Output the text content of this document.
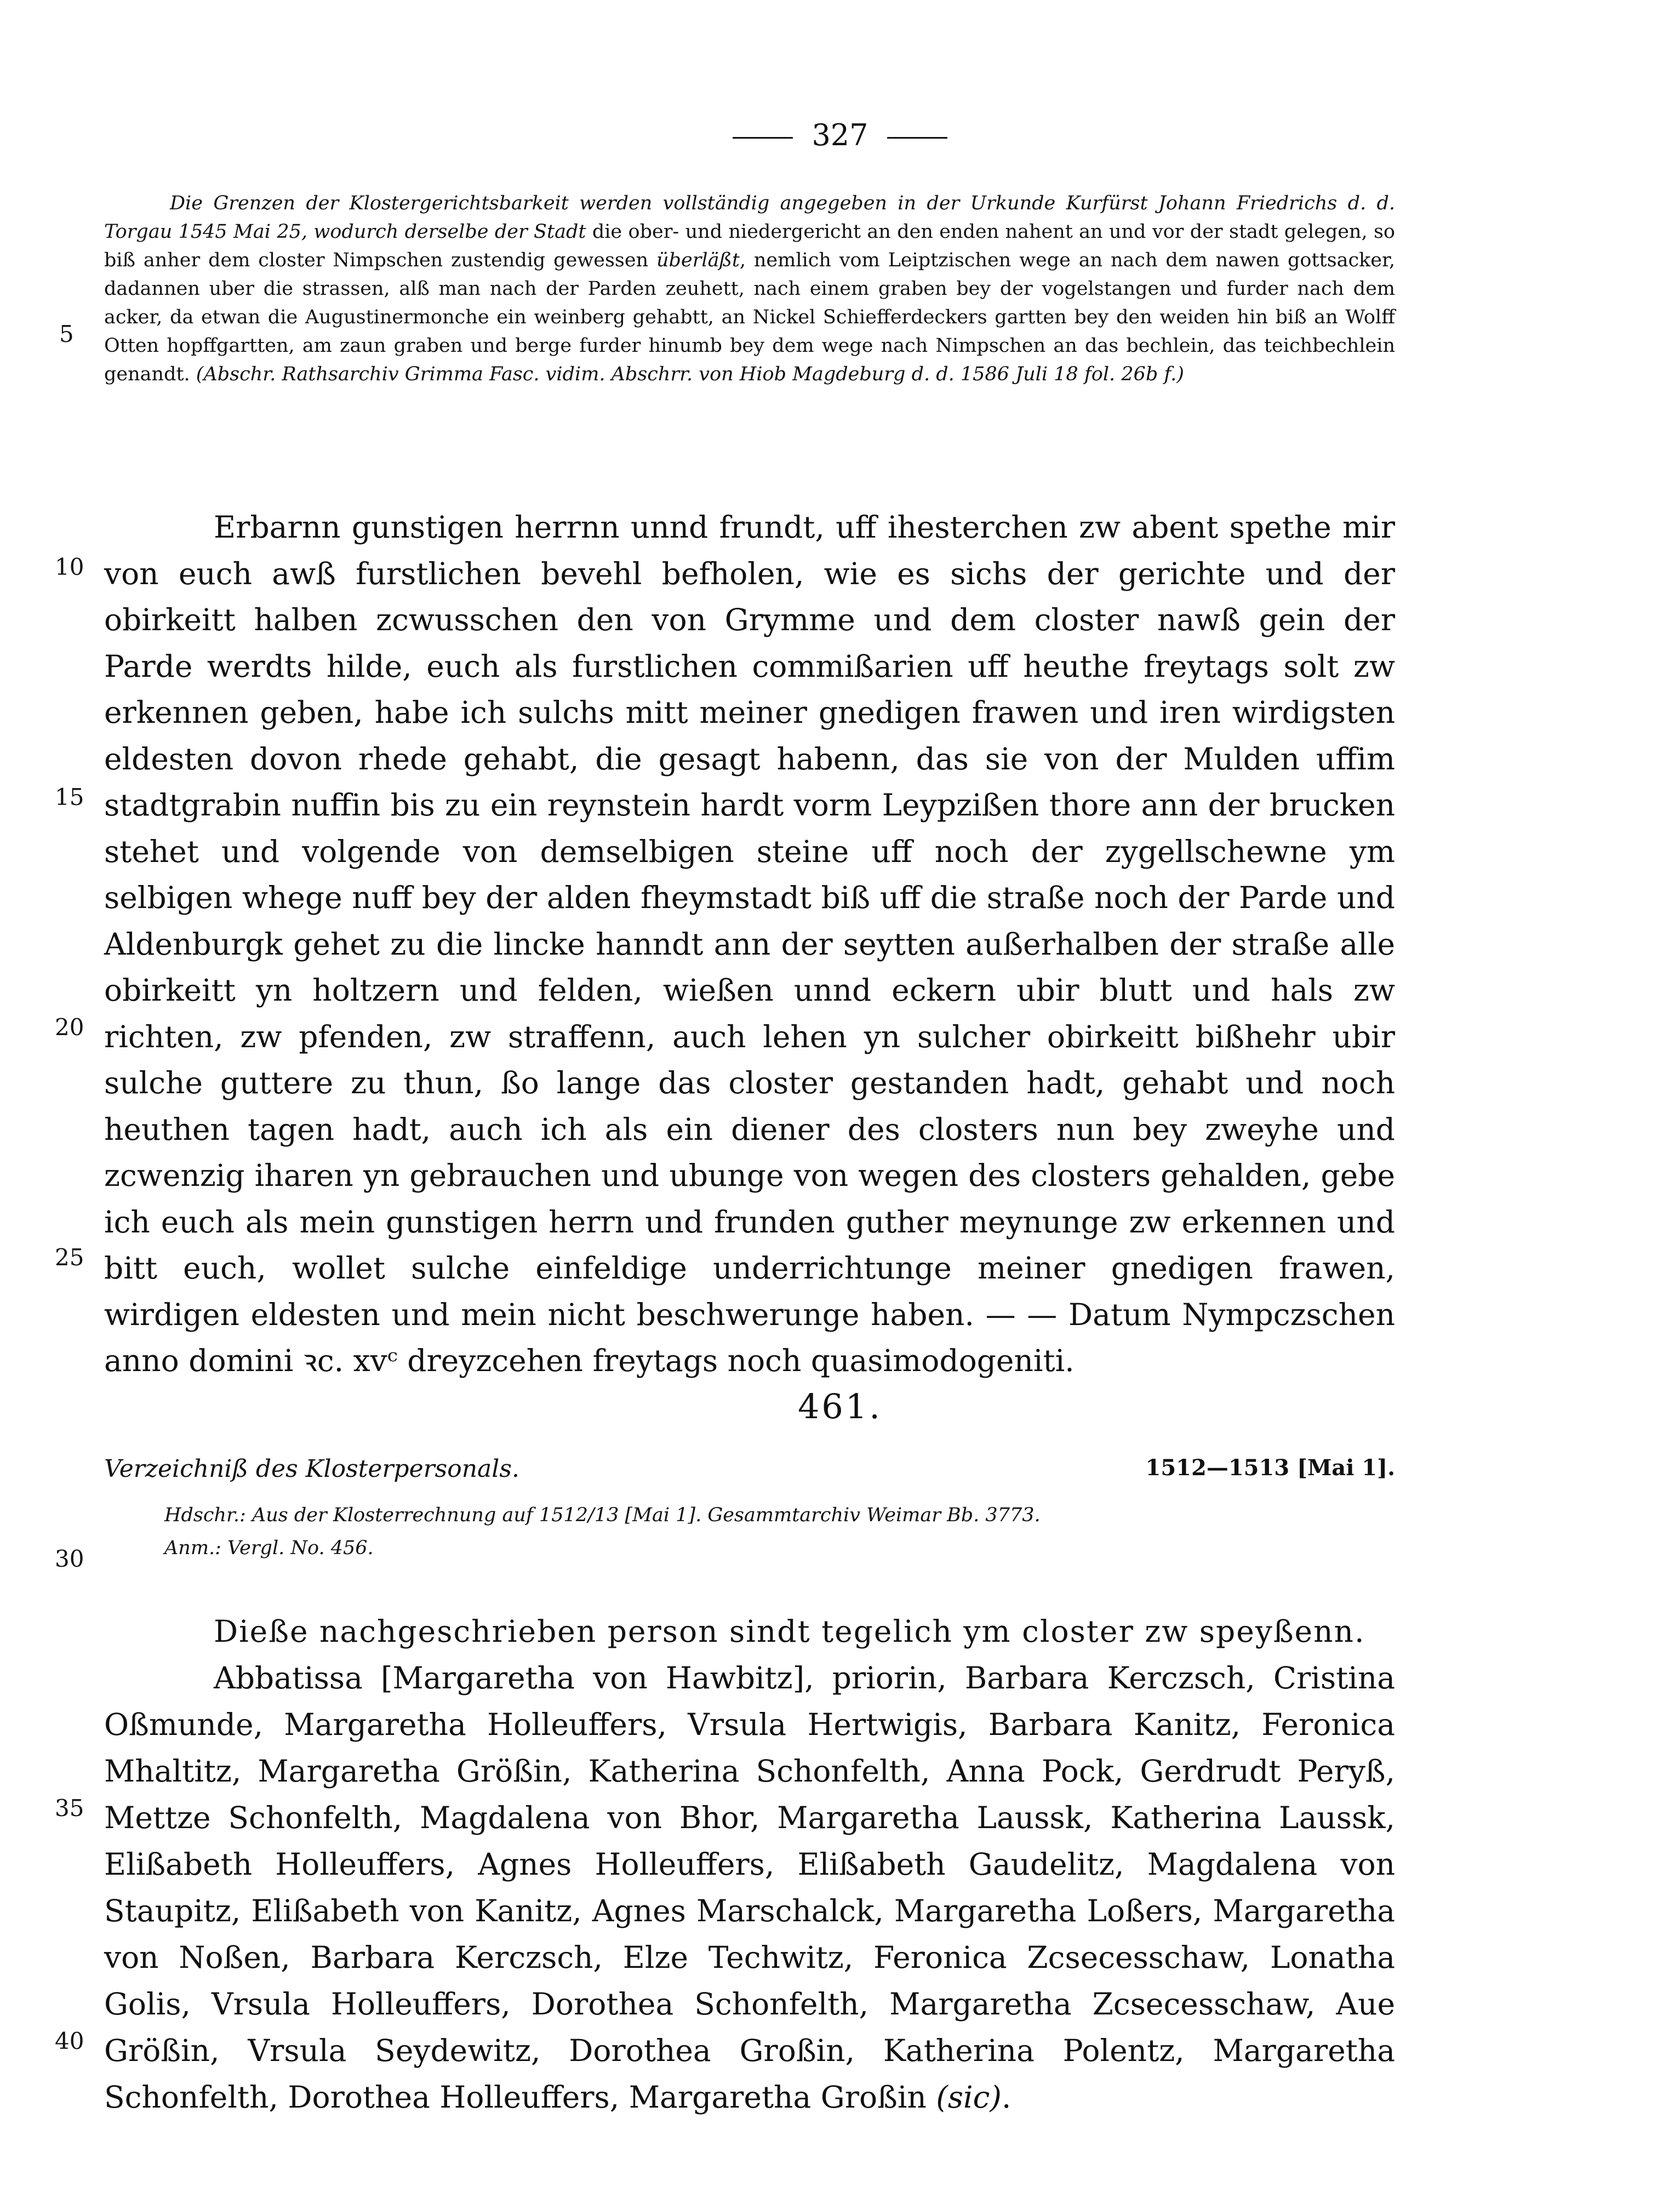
327
5
10
15
20
25
30
35
40

Die Grenzen der Klostergerichtsbarkeit werden vollständig angegeben in der Urkunde Kurfürst Johann Friedrichs d. d. Torgau 1545 Mai 25, wodurch derselbe der Stadt die ober- und niedergericht an den enden nahent an und vor der stadt gelegen, so biß anher dem closter Nimpschen zustendig gewessen überläßt, nemlich vom Leiptzischen wege an nach dem nawen gottsacker, dadannen uber die strassen, alß man nach der Parden zeuhett, nach einem graben bey der vogelstangen und furder nach dem acker, da etwan die Augustinermonche ein weinberg gehabtt, an Nickel Schiefferdeckers gartten bey den weiden hin biß an Wolff Otten hopffgartten, am zaun graben und berge furder hinumb bey dem wege nach Nimpschen an das bechlein, das teichbechlein genandt. (Abschr. Rathsarchiv Grimma Fasc. vidim. Abschrr. von Hiob Magdeburg d. d. 1586 Juli 18 fol. 26b f.)

Erbarnn gunstigen herrnn unnd frundt, uff ihesterchen zw abent spethe mir von euch awß furstlichen bevehl befholen, wie es sichs der gerichte und der obirkeitt halben zcwusschen den von Grymme und dem closter nawß gein der Parde werdts hilde, euch als furstlichen commißarien uff heuthe freytags solt zw erkennen geben, habe ich sulchs mitt meiner gnedigen frawen und iren wirdigsten eldesten dovon rhede gehabt, die gesagt habenn, das sie von der Mulden uffim stadtgrabin nuffin bis zu ein reynstein hardt vorm Leypzißen thore ann der brucken stehet und volgende von demselbigen steine uff noch der zygellschewne ym selbigen whege nuff bey der alden fheymstadt biß uff die straße noch der Parde und Aldenburgk gehet zu die lincke hanndt ann der seytten außerhalben der straße alle obirkeitt yn holtzern und felden, wießen unnd eckern ubir blutt und hals zw richten, zw pfenden, zw straffenn, auch lehen yn sulcher obirkeitt bißhehr ubir sulche guttere zu thun, ßo lange das closter gestanden hadt, gehabt und noch heuthen tagen hadt, auch ich als ein diener des closters nun bey zweyhe und zcwenzig iharen yn gebrauchen und ubunge von wegen des closters gehalden, gebe ich euch als mein gunstigen herrn und frunden guther meynunge zw erkennen und bitt euch, wollet sulche einfeldige underrichtunge meiner gnedigen frawen, wirdigen eldesten und mein nicht beschwerunge haben. — — Datum Nympczschen anno domini ꝛc. xvᶜ dreyzcehen freytags noch quasimodogeniti.

461.
Verzeichniß des Klosterpersonals.	1512—1513 [Mai 1].
Hdschr.: Aus der Klosterrechnung auf 1512/13 [Mai 1]. Gesammtarchiv Weimar Bb. 3773.
Anm.: Vergl. No. 456.

Dieße nachgeschrieben person sindt tegelich ym closter zw speyßenn.

Abbatissa [Margaretha von Hawbitz], priorin, Barbara Kerczsch, Cristina Oßmunde, Margaretha Holleuffers, Vrsula Hertwigis, Barbara Kanitz, Feronica Mhaltitz, Margaretha Größin, Katherina Schonfelth, Anna Pock, Gerdrudt Peryß, Mettze Schonfelth, Magdalena von Bhor, Margaretha Laussk, Katherina Laussk, Elißabeth Holleuffers, Agnes Holleuffers, Elißabeth Gaudelitz, Magdalena von Staupitz, Elißabeth von Kanitz, Agnes Marschalck, Margaretha Loßers, Margaretha von Noßen, Barbara Kerczsch, Elze Techwitz, Feronica Zcsecesschaw, Lonatha Golis, Vrsula Holleuffers, Dorothea Schonfelth, Margaretha Zcsecesschaw, Aue Größin, Vrsula Seydewitz, Dorothea Großin, Katherina Polentz, Margaretha Schonfelth, Dorothea Holleuffers, Margaretha Großin (sic).
